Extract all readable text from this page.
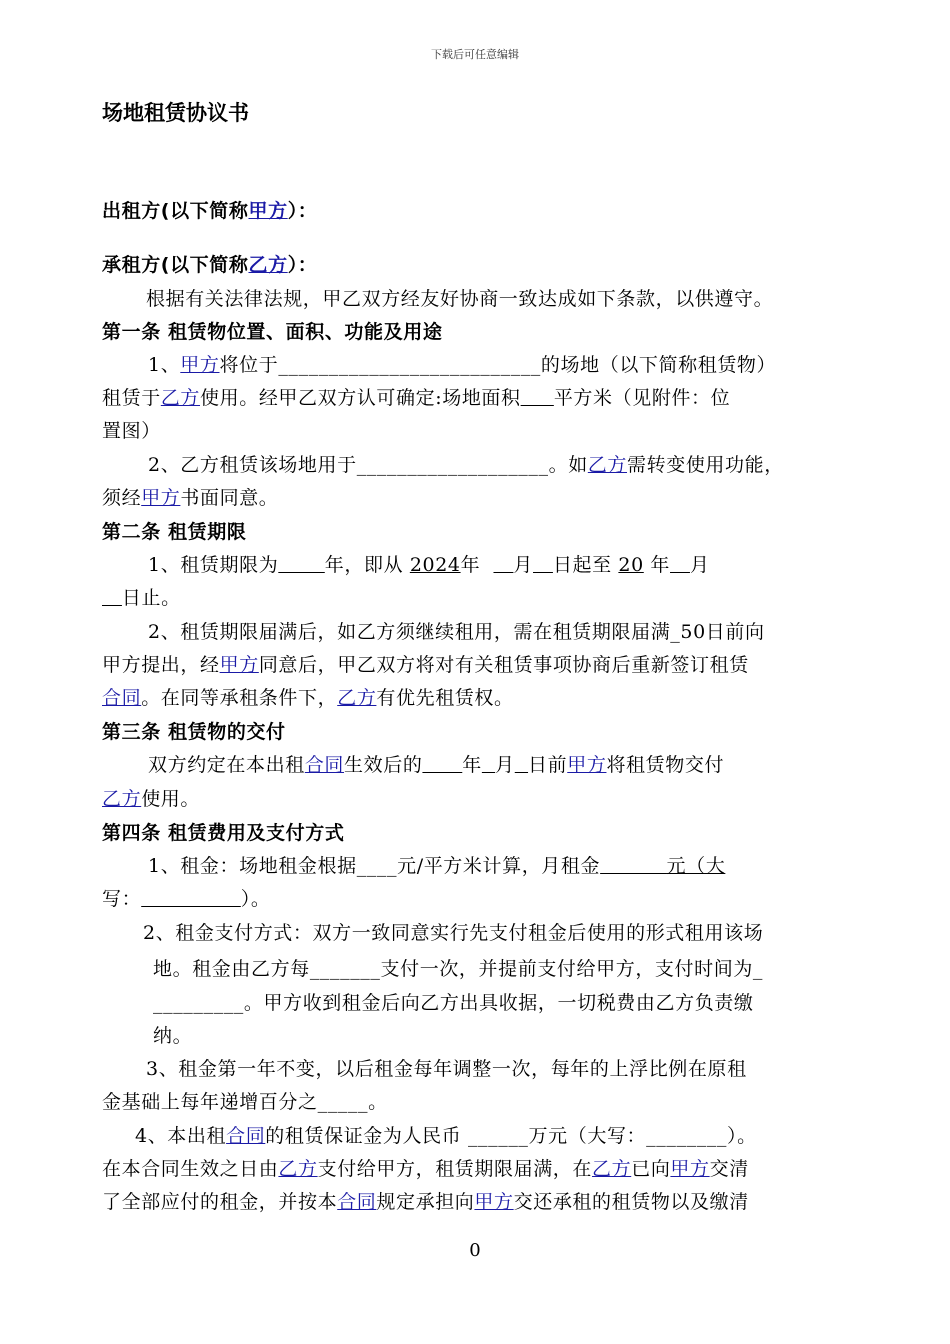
下载后可任意编辑
场地租赁协议书
出租方(以下简称甲方）：
承租方(以下简称乙方）：
根据有关法律法规，甲乙双方经友好协商一致达成如下条款，以供遵守。
第一条 租赁物位置、面积、功能及用途
1、甲方将位于__________________________的场地（以下简称租赁物）
租赁于乙方使用。经甲乙双方认可确定:场地面积 平方米（见附件：位
置图）
2、乙方租赁该场地用于___________________。如乙方需转变使用功能，
须经甲方书面同意。
第二条 租赁期限
1、租赁期限为 年，即从 2024年     月 日起至 20 年 月
日止。
2、租赁期限届满后，如乙方须继续租用，需在租赁期限届满_50日前向
甲方提出，经甲方同意后，甲乙双方将对有关租赁事项协商后重新签订租赁
合同。在同等承租条件下，乙方有优先租赁权。
第三条 租赁物的交付
双方约定在本出租合同生效后的 年 月 日前甲方将租赁物交付
乙方使用。
第四条 租赁费用及支付方式
1、租金：场地租金根据____元/平方米计算，月租金	元（大
写：	）。
2、租金支付方式：双方一致同意实行先支付租金后使用的形式租用该场
地。租金由乙方每_______支付一次，并提前支付给甲方，支付时间为_
_________。甲方收到租金后向乙方出具收据，一切税费由乙方负责缴
纳。
3、租金第一年不变，以后租金每年调整一次，每年的上浮比例在原租
金基础上每年递增百分之_____。
4、本出租合同的租赁保证金为人民币 ______万元（大写：________）。
在本合同生效之日由乙方支付给甲方，租赁期限届满，在乙方已向甲方交清
了全部应付的租金，并按本合同规定承担向甲方交还承租的租赁物以及缴清
0
